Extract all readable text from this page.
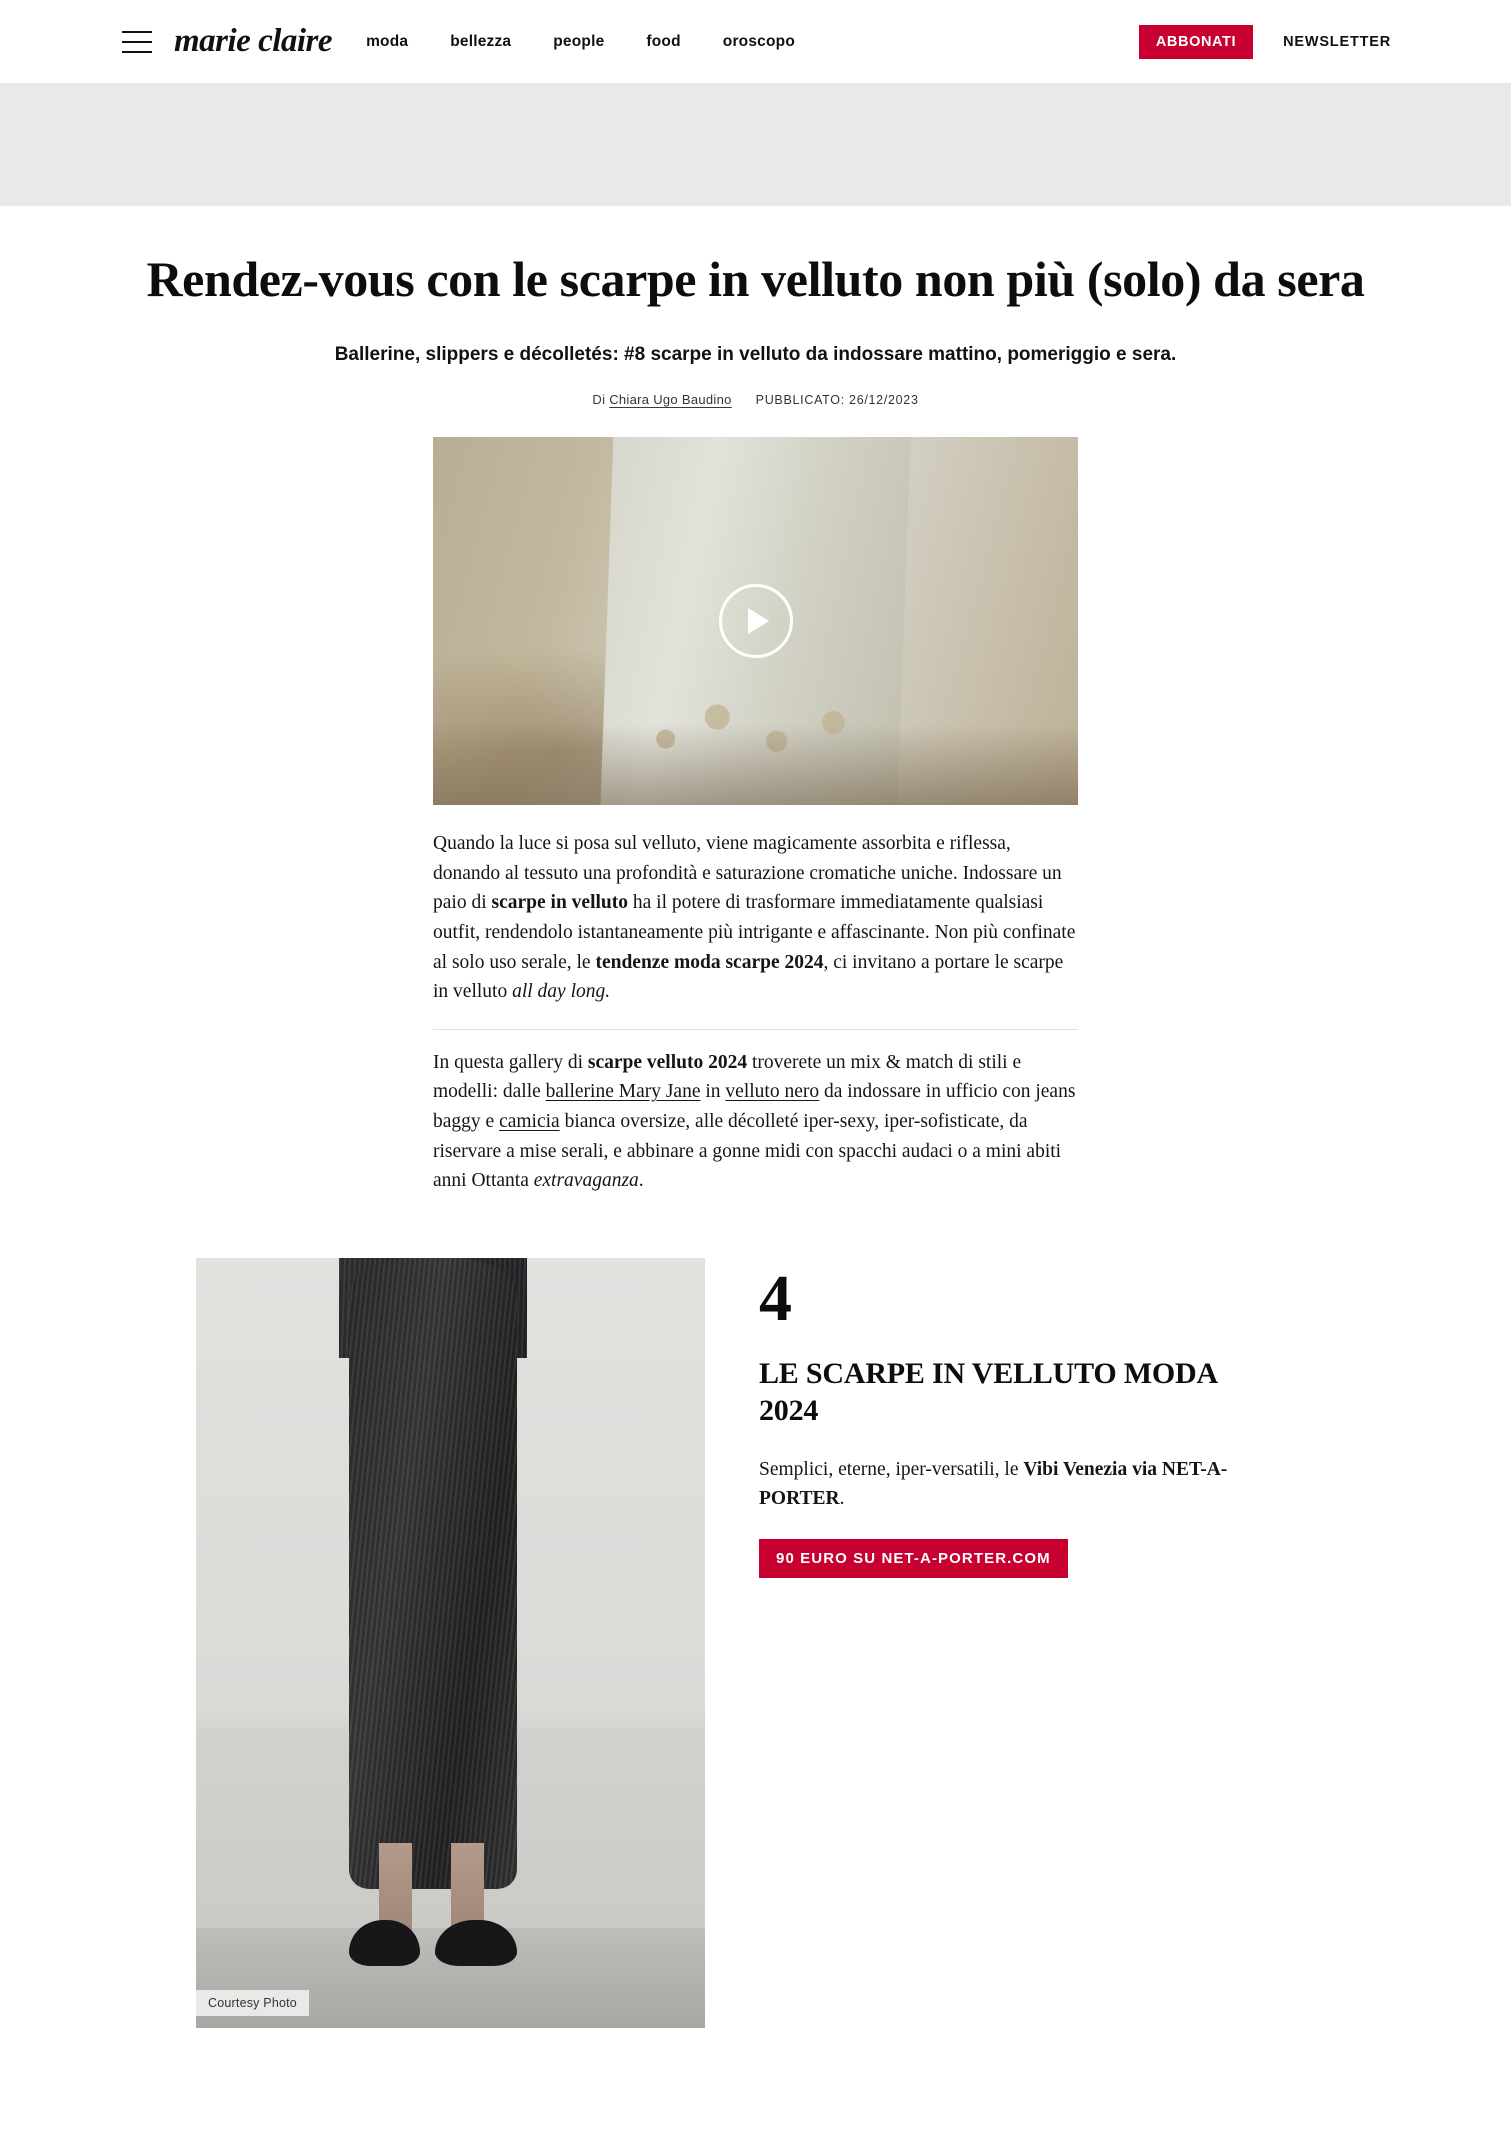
marie claire moda	bellezza	people	food	oroscopo	ABBONATI	NEWSLETTER
Rendez-vous con le scarpe in velluto non più (solo) da sera
Ballerine, slippers e décolletés: #8 scarpe in velluto da indossare mattino, pomeriggio e sera.
Di Chiara Ugo Baudino PUBBLICATO: 26/12/2023

Quando la luce si posa sul velluto, viene magicamente assorbita e riflessa, donando al tessuto una profondità e saturazione cromatiche uniche. Indossare un paio di scarpe in velluto ha il potere di trasformare immediatamente qualsiasi outfit, rendendolo istantaneamente più intrigante e affascinante. Non più confinate al solo uso serale, le tendenze moda scarpe 2024, ci invitano a portare le scarpe in velluto all day long.

In questa gallery di scarpe velluto 2024 troverete un mix & match di stili e modelli: dalle ballerine Mary Jane in velluto nero da indossare in ufficio con jeans baggy e camicia bianca oversize, alle décolleté iper-sexy, iper-sofisticate, da riservare a mise serali, e abbinare a gonne midi con spacchi audaci o a mini abiti anni Ottanta extravaganza.

Courtesy Photo
4
LE SCARPE IN VELLUTO MODA 2024

Semplici, eterne, iper-versatili, le Vibi Venezia via NET-A-PORTER.

90 EURO SU NET-A-PORTER.COM
